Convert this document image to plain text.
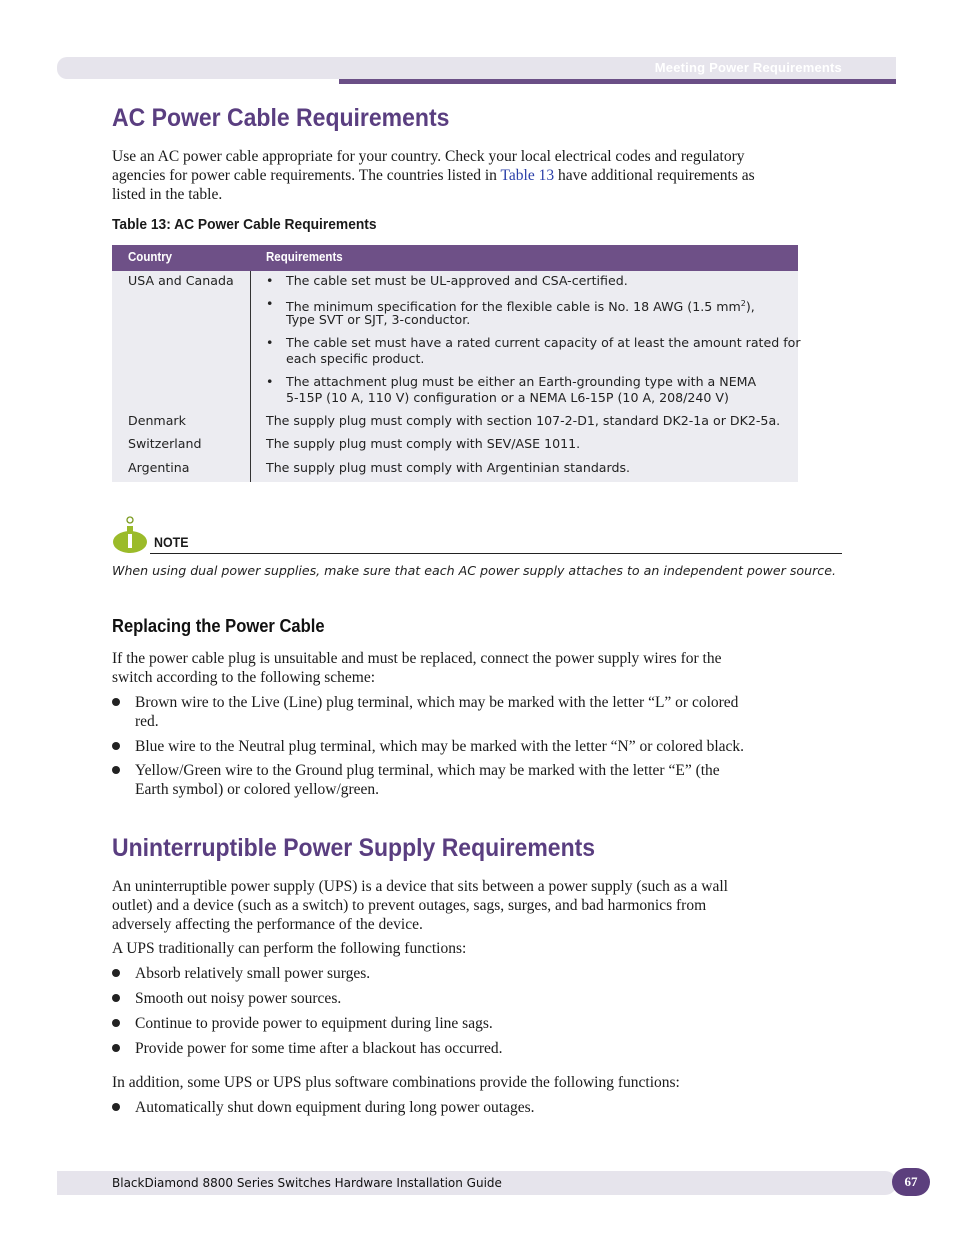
Meeting Power Requirements
AC Power Cable Requirements
Use an AC power cable appropriate for your country. Check your local electrical codes and regulatory
agencies for power cable requirements. The countries listed in Table 13 have additional requirements as
listed in the table.
Table 13: AC Power Cable Requirements
Country	Requirements
USA and Canada	• The cable set must be UL-approved and CSA-certified.
• The minimum specification for the flexible cable is No. 18 AWG (1.5 $mm^2$),
Type SVT or SJT, 3-conductor.
• The cable set must have a rated current capacity of at least the amount rated for
each specific product.
• The attachment plug must be either an Earth-grounding type with a NEMA
5-15P (10 A, 110 V) configuration or a NEMA L6-15P (10 A, 208/240 V)
Denmark	The supply plug must comply with section 107-2-D1, standard DK2-1a or DK2-5a.
Switzerland	The supply plug must comply with SEV/ASE 1011.
Argentina	The supply plug must comply with Argentinian standards.
NOTE
When using dual power supplies, make sure that each AC power supply attaches to an independent power source.
Replacing the Power Cable
If the power cable plug is unsuitable and must be replaced, connect the power supply wires for the
switch according to the following scheme:
Brown wire to the Live (Line) plug terminal, which may be marked with the letter “L” or colored
red.
Blue wire to the Neutral plug terminal, which may be marked with the letter “N” or colored black.
Yellow/Green wire to the Ground plug terminal, which may be marked with the letter “E” (the
Earth symbol) or colored yellow/green.
Uninterruptible Power Supply Requirements
An uninterruptible power supply (UPS) is a device that sits between a power supply (such as a wall
outlet) and a device (such as a switch) to prevent outages, sags, surges, and bad harmonics from
adversely affecting the performance of the device.
A UPS traditionally can perform the following functions:
Absorb relatively small power surges.
Smooth out noisy power sources.
Continue to provide power to equipment during line sags.
Provide power for some time after a blackout has occurred.
In addition, some UPS or UPS plus software combinations provide the following functions:
Automatically shut down equipment during long power outages.
BlackDiamond 8800 Series Switches Hardware Installation Guide	67
